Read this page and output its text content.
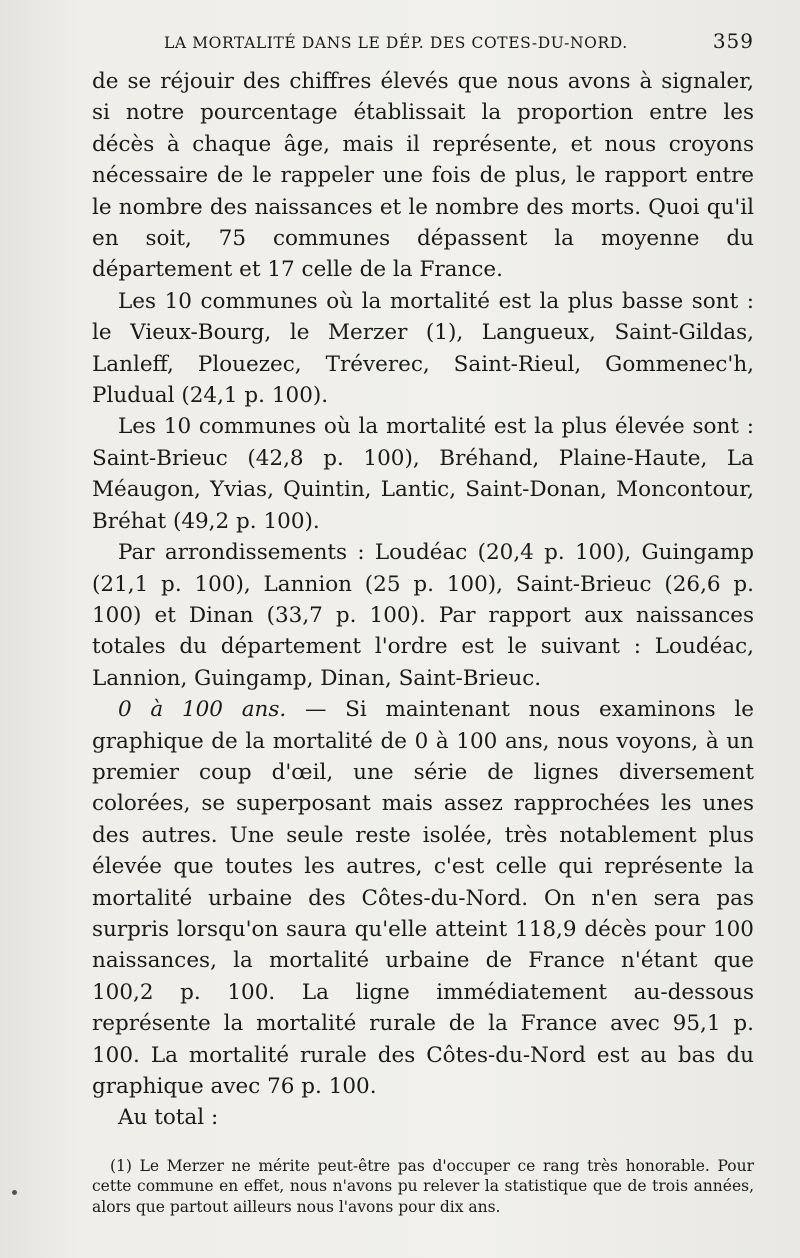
LA MORTALITÉ DANS LE DÉP. DES COTES-DU-NORD.	359

de se réjouir des chiffres élevés que nous avons à signaler, si notre pourcentage établissait la proportion entre les décès à chaque âge, mais il représente, et nous croyons nécessaire de le rappeler une fois de plus, le rapport entre le nombre des naissances et le nombre des morts. Quoi qu'il en soit, 75 communes dépassent la moyenne du département et 17 celle de la France.

Les 10 communes où la mortalité est la plus basse sont : le Vieux-Bourg, le Merzer (1), Langueux, Saint-Gildas, Lanleff, Plouezec, Tréverec, Saint-Rieul, Gommenec'h, Pludual (24,1 p. 100).

Les 10 communes où la mortalité est la plus élevée sont : Saint-Brieuc (42,8 p. 100), Bréhand, Plaine-Haute, La Méaugon, Yvias, Quintin, Lantic, Saint-Donan, Moncontour, Bréhat (49,2 p. 100).

Par arrondissements : Loudéac (20,4 p. 100), Guingamp (21,1 p. 100), Lannion (25 p. 100), Saint-Brieuc (26,6 p. 100) et Dinan (33,7 p. 100). Par rapport aux naissances totales du département l'ordre est le suivant : Loudéac, Lannion, Guingamp, Dinan, Saint-Brieuc.

0 à 100 ans. — Si maintenant nous examinons le graphique de la mortalité de 0 à 100 ans, nous voyons, à un premier coup d'œil, une série de lignes diversement colorées, se superposant mais assez rapprochées les unes des autres. Une seule reste isolée, très notablement plus élevée que toutes les autres, c'est celle qui représente la mortalité urbaine des Côtes-du-Nord. On n'en sera pas surpris lorsqu'on saura qu'elle atteint 118,9 décès pour 100 naissances, la mortalité urbaine de France n'étant que 100,2 p. 100. La ligne immédiatement au-dessous représente la mortalité rurale de la France avec 95,1 p. 100. La mortalité rurale des Côtes-du-Nord est au bas du graphique avec 76 p. 100.

Au total :

(1) Le Merzer ne mérite peut-être pas d'occuper ce rang très honorable. Pour cette commune en effet, nous n'avons pu relever la statistique que de trois années, alors que partout ailleurs nous l'avons pour dix ans.
